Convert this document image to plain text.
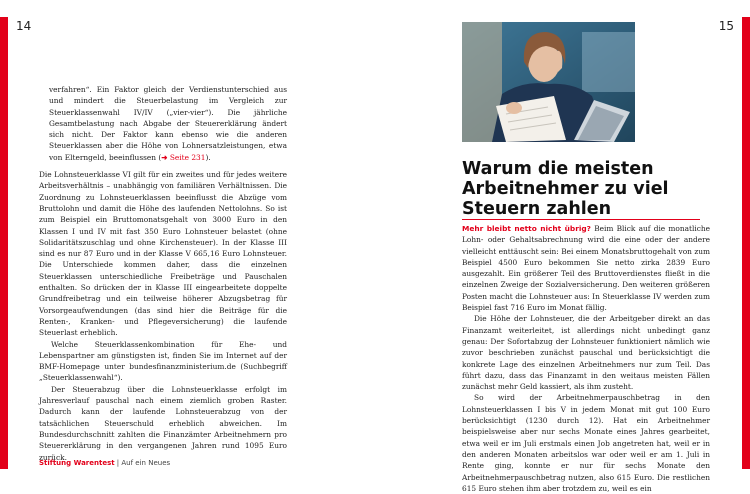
14	15

verfahren“. Ein Faktor gleich der Verdienstunterschied aus und mindert die Steuerbelastung im Vergleich zur Steuerklassenwahl IV/IV („vier-vier“). Die jährliche Gesamtbelastung nach Abgabe der Steuererklärung ändert sich nicht. Der Faktor kann ebenso wie die anderen Steuerklassen aber die Höhe von Lohnersatzleistungen, etwa von Elterngeld, beeinflussen (➜ Seite 231).

Die Lohnsteuerklasse VI gilt für ein zweites und für jedes weitere Arbeitsverhältnis – unabhängig von familiären Verhältnissen. Die Zuordnung zu Lohnsteuerklassen beeinflusst die Abzüge vom Bruttolohn und damit die Höhe des laufenden Nettolohns. So ist zum Beispiel ein Bruttomonatsgehalt von 3000 Euro in den Klassen I und IV mit fast 350 Euro Lohnsteuer belastet (ohne Solidaritätszuschlag und ohne Kirchensteuer). In der Klasse III sind es nur 87 Euro und in der Klasse V 665,16 Euro Lohnsteuer. Die Unterschiede kommen daher, dass die einzelnen Steuerklassen unterschiedliche Freibeträge und Pauschalen enthalten. So drücken der in Klasse III eingearbeitete doppelte Grundfreibetrag und ein teilweise höherer Abzugsbetrag für Vorsorgeaufwendungen (das sind hier die Beiträge für die Renten-, Kranken- und Pflegeversicherung) die laufende Steuerlast erheblich.

Welche Steuerklassenkombination für Ehe- und Lebenspartner am günstigsten ist, finden Sie im Internet auf der BMF-Homepage unter bundesfinanzministerium.de (Suchbegriff „Steuerklassenwahl“).

Der Steuerabzug über die Lohnsteuerklasse erfolgt im Jahresverlauf pauschal nach einem ziemlich groben Raster. Dadurch kann der laufende Lohnsteuerabzug von der tatsächlichen Steuerschuld erheblich abweichen. Im Bundesdurchschnitt zahlten die Finanzämter Arbeitnehmern pro Steuererklärung in den vergangenen Jahren rund 1095 Euro zurück.

Warum die meisten
Arbeitnehmer zu viel
Steuern zahlen

Mehr bleibt netto nicht übrig? Beim Blick auf die monatliche Lohn- oder Gehaltsabrechnung wird die eine oder der andere vielleicht enttäuscht sein: Bei einem Monatsbruttogehalt von zum Beispiel 4500 Euro bekommen Sie netto zirka 2839 Euro ausgezahlt. Ein größerer Teil des Bruttoverdienstes fließt in die einzelnen Zweige der Sozialversicherung. Den weiteren größeren Posten macht die Lohnsteuer aus: In Steuerklasse IV werden zum Beispiel fast 716 Euro im Monat fällig.

Die Höhe der Lohnsteuer, die der Arbeitgeber direkt an das Finanzamt weiterleitet, ist allerdings nicht unbedingt ganz genau: Der Sofortabzug der Lohnsteuer funktioniert nämlich wie zuvor beschrieben zunächst pauschal und berücksichtigt die konkrete Lage des einzelnen Arbeitnehmers nur zum Teil. Das führt dazu, dass das Finanzamt in den weitaus meisten Fällen zunächst mehr Geld kassiert, als ihm zusteht.

So wird der Arbeitnehmerpauschbetrag in den Lohnsteuerklassen I bis V in jedem Monat mit gut 100 Euro berücksichtigt (1230 durch 12). Hat ein Arbeitnehmer beispielsweise aber nur sechs Monate eines Jahres gearbeitet, etwa weil er im Juli erstmals einen Job angetreten hat, weil er in den anderen Monaten arbeitslos war oder weil er am 1. Juli in Rente ging, konnte er nur für sechs Monate den Arbeitnehmerpauschbetrag nutzen, also 615 Euro. Die restlichen 615 Euro stehen ihm aber trotzdem zu, weil es ein

Stiftung Warentest | Auf ein Neues
